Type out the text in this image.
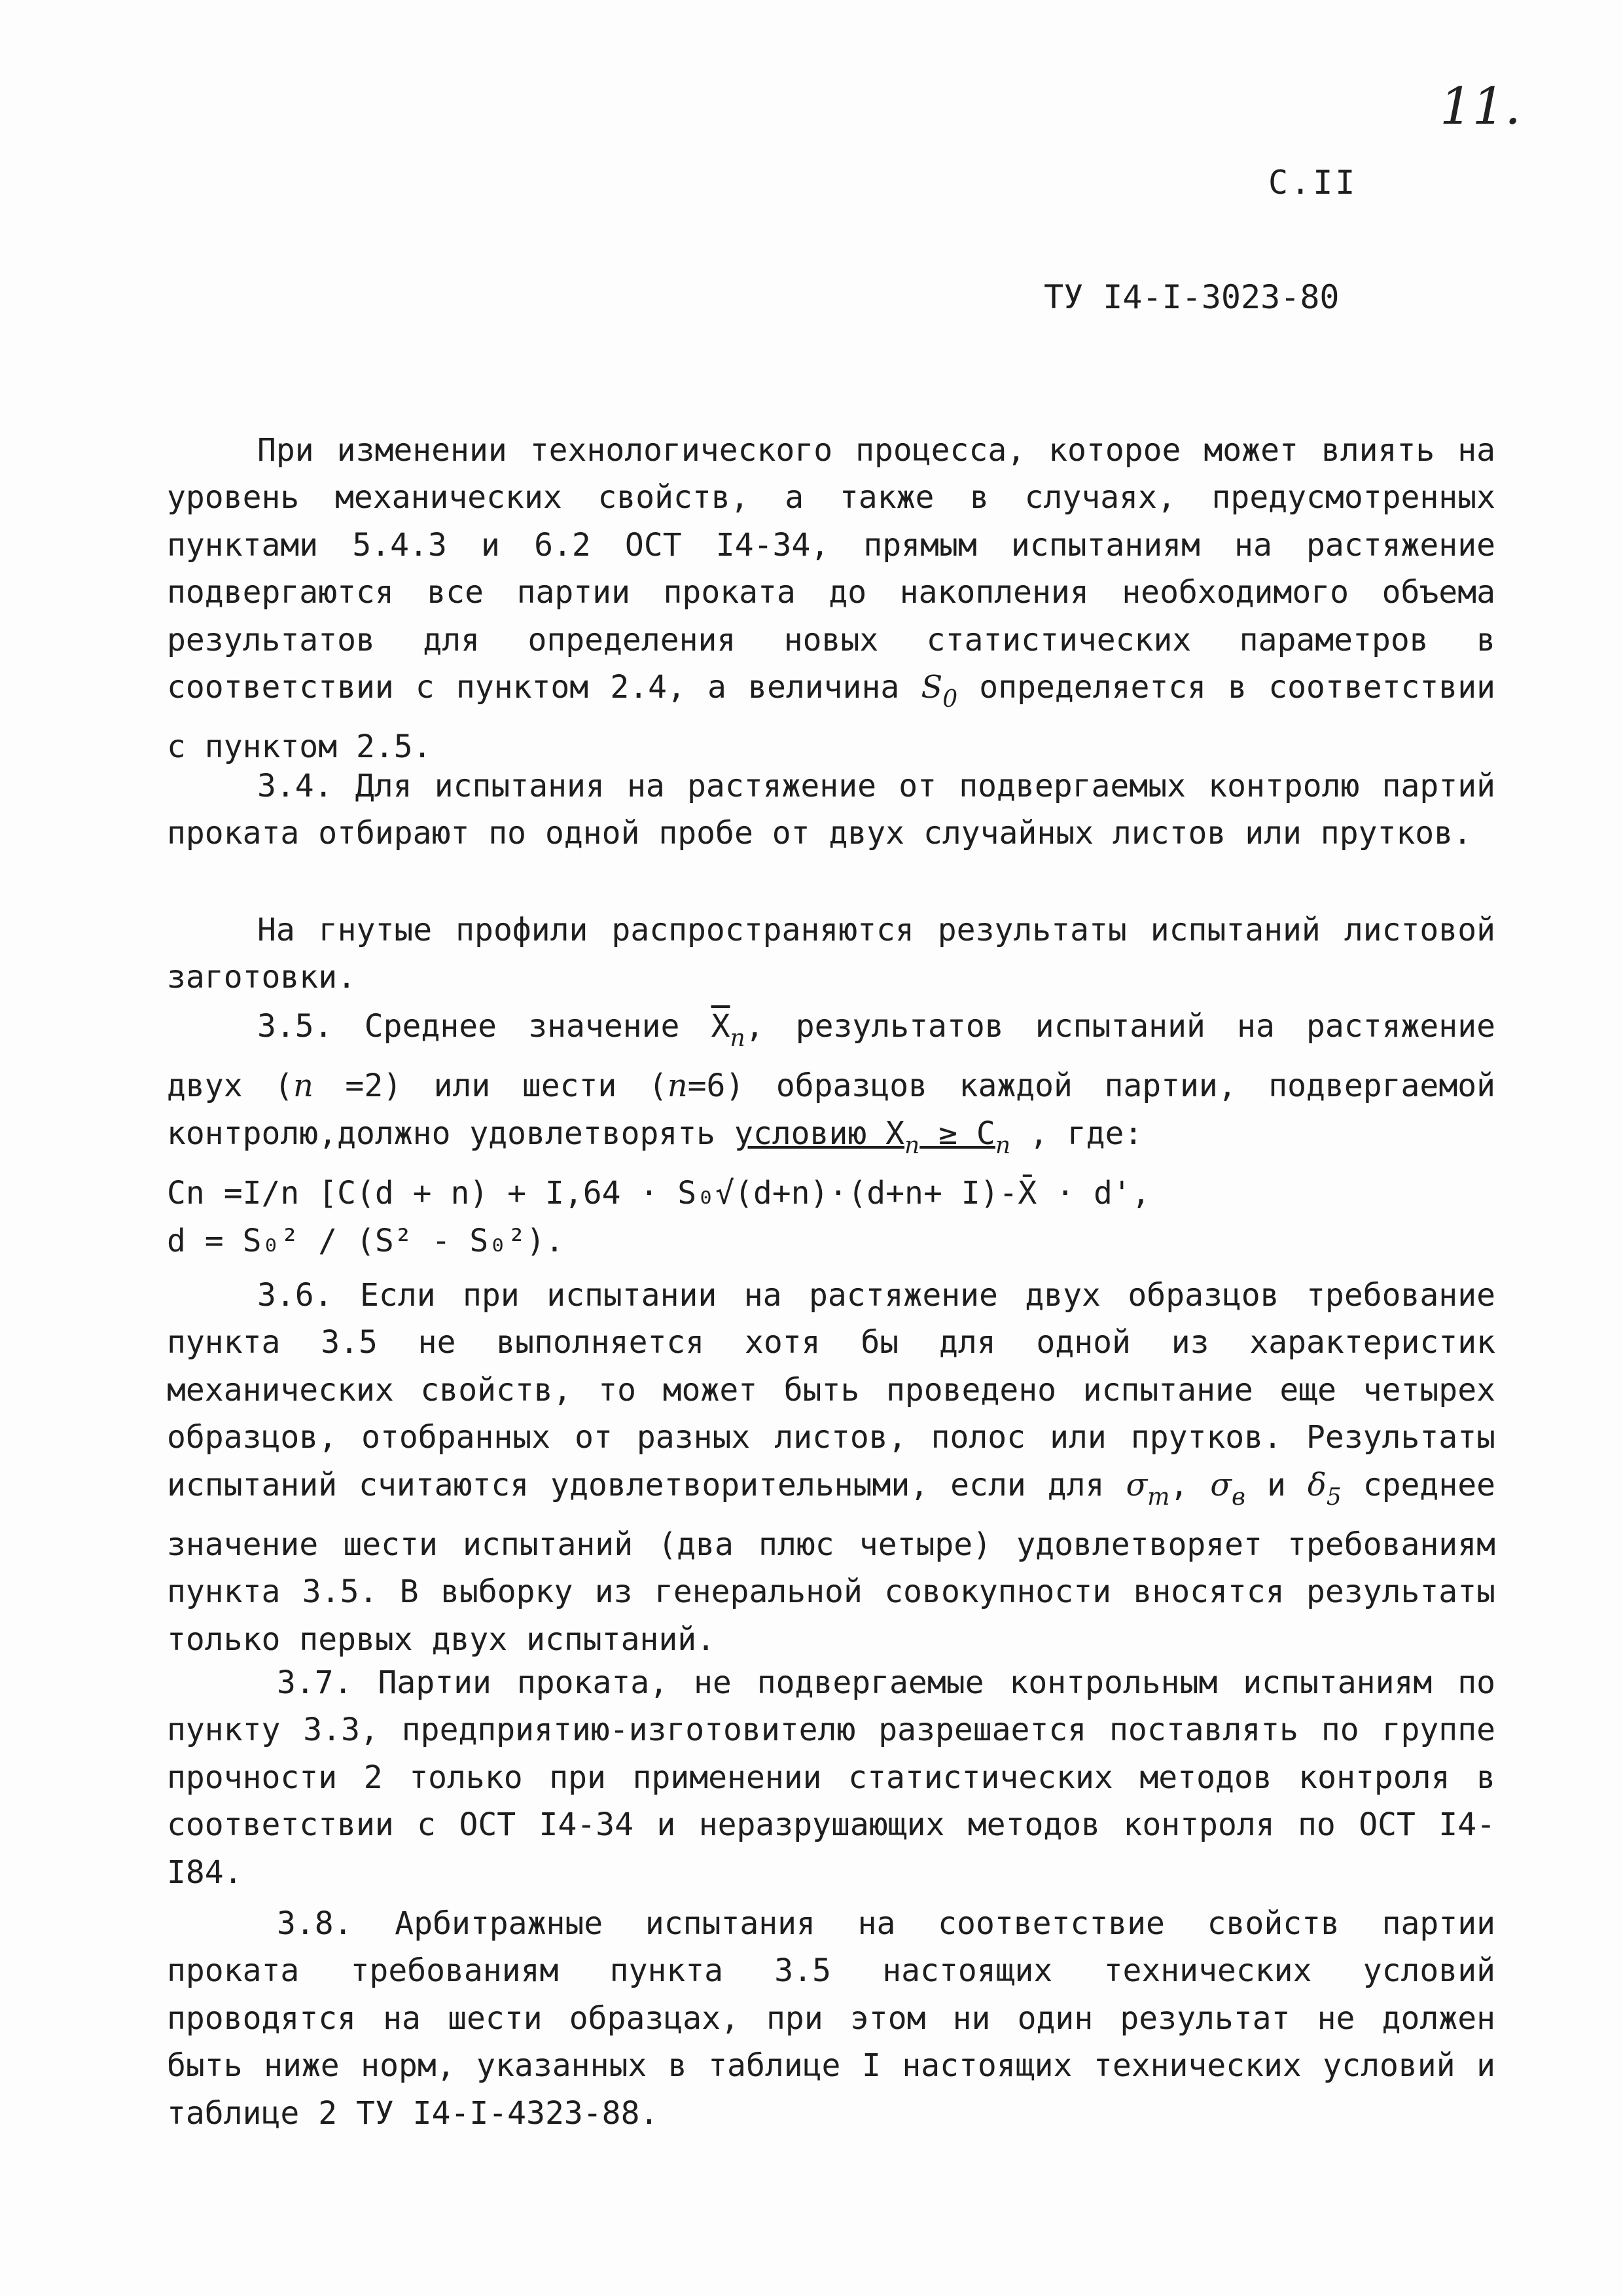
11.
С.II
ТУ I4-I-3023-80

При изменении технологического процесса, которое может влиять на уровень механических свойств, а также в случаях, предусмотренных пунктами 5.4.3 и 6.2 ОСТ I4-34, прямым испытаниям на растяжение подвергаются все партии проката до накопления необходимого объема результатов для определения новых статистических параметров в соответствии с пунктом 2.4, а величина $S_0$ определяется в соответствии с пунктом 2.5.

3.4. Для испытания на растяжение от подвергаемых контролю партий проката отбирают по одной пробе от двух случайных листов или прутков.

На гнутые профили распространяются результаты испытаний листовой заготовки.

3.5. Среднее значение $\overline{X}_n$, результатов испытаний на растяжение двух (n =2) или шести (n=6) образцов каждой партии, подвергаемой контролю,должно удовлетворять условию $X_n \ge C_n$ , где:

Cn =I/n [C(d + n) + I,64 · S₀√(d+n)·(d+n+ I)-X̄ · d',

d = S₀² / (S² - S₀²).

3.6. Если при испытании на растяжение двух образцов требование пункта 3.5 не выполняется хотя бы для одной из характеристик механических свойств, то может быть проведено испытание еще четырех образцов, отобранных от разных листов, полос или прутков. Результаты испытаний считаются удовлетворительными, если для $\sigma_т$, $\sigma_в$ и $\delta_5$ среднее значение шести испытаний (два плюс четыре) удовлетворяет требованиям пункта 3.5. В выборку из генеральной совокупности вносятся результаты только первых двух испытаний.

3.7. Партии проката, не подвергаемые контрольным испытаниям по пункту 3.3, предприятию-изготовителю разрешается поставлять по группе прочности 2 только при применении статистических методов контроля в соответствии с ОСТ I4-34 и неразрушающих методов контроля по ОСТ I4-I84.

3.8. Арбитражные испытания на соответствие свойств партии проката требованиям пункта 3.5 настоящих технических условий проводятся на шести образцах, при этом ни один результат не должен быть ниже норм, указанных в таблице I настоящих технических условий и таблице 2 ТУ I4-I-4323-88.
